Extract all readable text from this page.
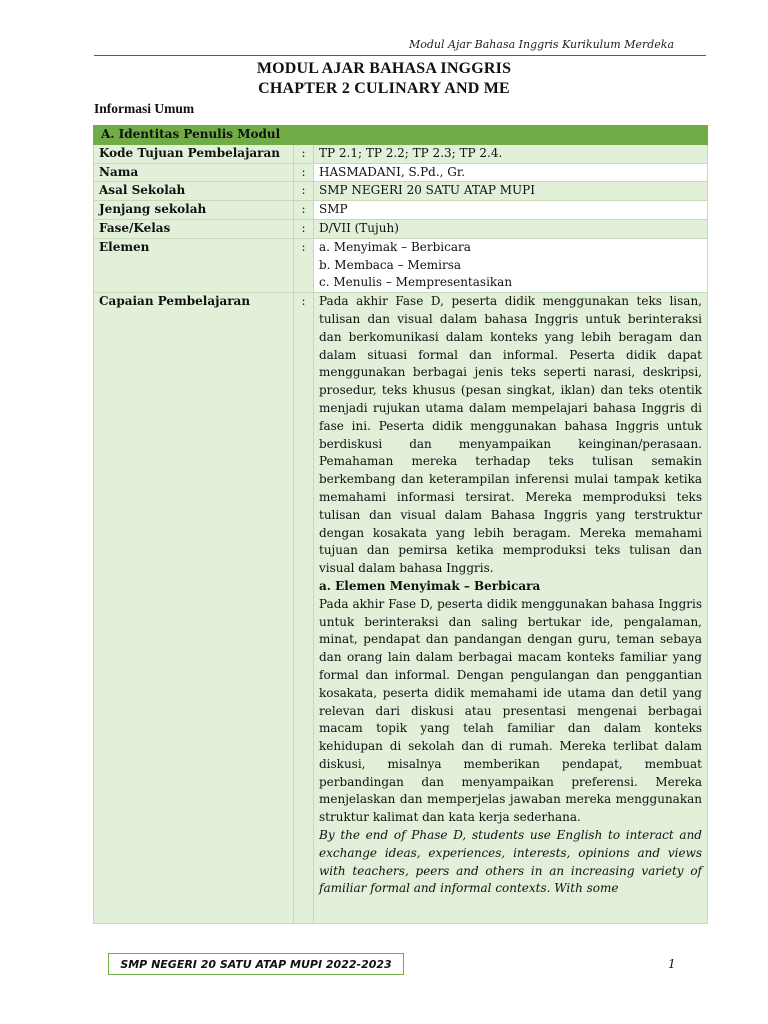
Modul Ajar Bahasa Inggris Kurikulum Merdeka
MODUL AJAR BAHASA INGGRIS
CHAPTER 2 CULINARY AND ME
Informasi Umum
A. Identitas Penulis Modul		
Kode Tujuan Pembelajaran	:	TP 2.1; TP 2.2; TP 2.3; TP 2.4.
Nama	:	HASMADANI, S.Pd., Gr.
Asal Sekolah	:	SMP NEGERI 20 SATU ATAP MUPI
Jenjang sekolah	:	SMP
Fase/Kelas	:	D/VII (Tujuh)
Elemen	:	a. Menyimak – Berbicara
b. Membaca – Memirsa
c. Menulis – Mempresentasikan

Capaian Pembelajaran	:	Pada akhir Fase D, peserta didik menggunakan teks lisan, tulisan dan visual dalam bahasa Inggris untuk berinteraksi dan berkomunikasi dalam konteks yang lebih beragam dan dalam situasi formal dan informal. Peserta didik dapat menggunakan berbagai jenis teks seperti narasi, deskripsi, prosedur, teks khusus (pesan singkat, iklan) dan teks otentik menjadi rujukan utama dalam mempelajari bahasa Inggris di fase ini. Peserta didik menggunakan bahasa Inggris untuk berdiskusi dan menyampaikan keinginan/perasaan. Pemahaman mereka terhadap teks tulisan semakin berkembang dan keterampilan inferensi mulai tampak ketika memahami informasi tersirat. Mereka memproduksi teks tulisan dan visual dalam Bahasa Inggris yang terstruktur dengan kosakata yang lebih beragam. Mereka memahami tujuan dan pemirsa ketika memproduksi teks tulisan dan visual dalam bahasa Inggris.

a. Elemen Menyimak – Berbicara

Pada akhir Fase D, peserta didik menggunakan bahasa Inggris untuk berinteraksi dan saling bertukar ide, pengalaman, minat, pendapat dan pandangan dengan guru, teman sebaya dan orang lain dalam berbagai macam konteks familiar yang formal dan informal. Dengan pengulangan dan penggantian kosakata, peserta didik memahami ide utama dan detil yang relevan dari diskusi atau presentasi mengenai berbagai macam topik yang telah familiar dan dalam konteks kehidupan di sekolah dan di rumah. Mereka terlibat dalam diskusi, misalnya memberikan pendapat, membuat perbandingan dan menyampaikan preferensi. Mereka menjelaskan dan memperjelas jawaban mereka menggunakan struktur kalimat dan kata kerja sederhana.

By the end of Phase D, students use English to interact and exchange ideas, experiences, interests, opinions and views with teachers, peers and others in an increasing variety of familiar formal and informal contexts. With some

SMP NEGERI 20 SATU ATAP MUPI 2022-2023	1
